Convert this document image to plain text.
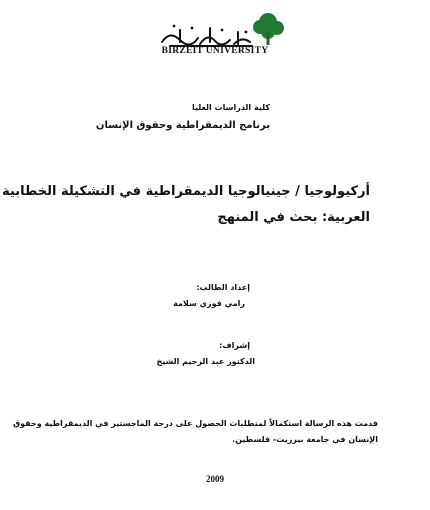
BIRZEIT UNIVERSITY
كلية الدراسات العليا
برنامج الديمقراطية وحقوق الإنسان
أركيولوجيا / جينيالوجيا الديمقراطية في التشكيلة الخطابية
العربية: بحث في المنهج
إعداد الطالب:
رامي فوزي سلامة
إشراف:
الدكتور عبد الرحيم الشيخ
قدمت هذه الرسالة استكمالاً لمتطلبات الحصول على درجة الماجستير في الديمقراطية وحقوق
الإنسان في جامعة بيرزيت- فلسطين.
2009
